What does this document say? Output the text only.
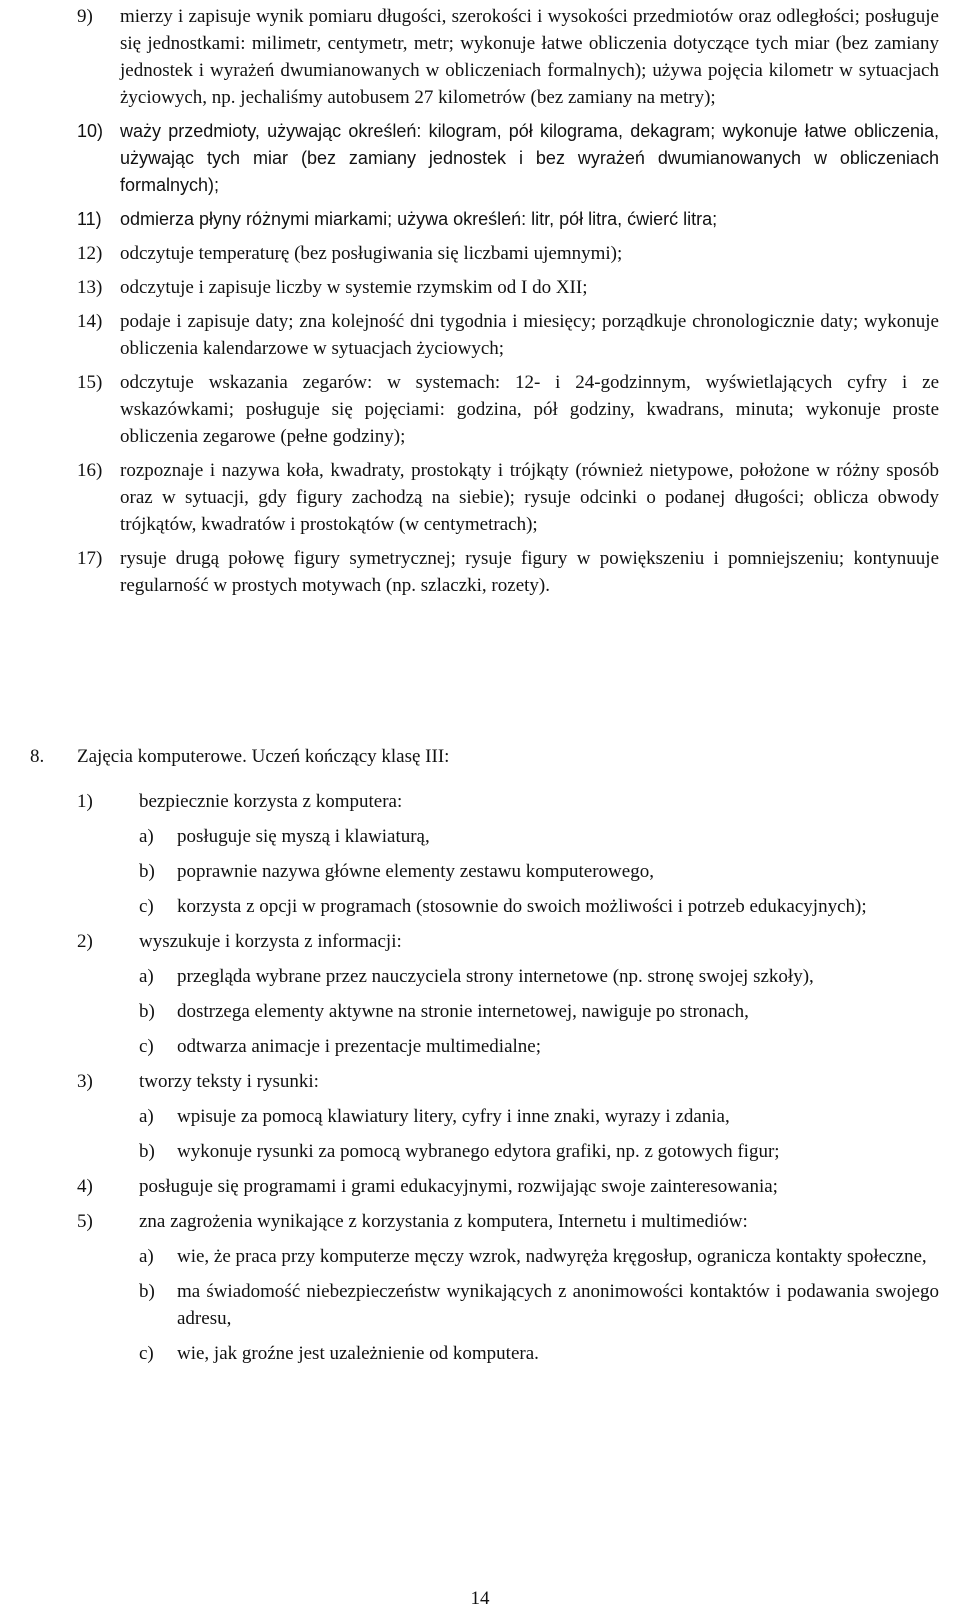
9) mierzy i zapisuje wynik pomiaru długości, szerokości i wysokości przedmiotów oraz odległości; posługuje się jednostkami: milimetr, centymetr, metr; wykonuje łatwe obliczenia dotyczące tych miar (bez zamiany jednostek i wyrażeń dwumianowanych w obliczeniach formalnych); używa pojęcia kilometr w sytuacjach życiowych, np. jechaliśmy autobusem 27 kilometrów (bez zamiany na metry);
10) waży przedmioty, używając określeń: kilogram, pół kilograma, dekagram; wykonuje łatwe obliczenia, używając tych miar (bez zamiany jednostek i bez wyrażeń dwumianowanych w obliczeniach formalnych);
11) odmierza płyny różnymi miarkami; używa określeń: litr, pół litra, ćwierć litra;
12) odczytuje temperaturę (bez posługiwania się liczbami ujemnymi);
13) odczytuje i zapisuje liczby w systemie rzymskim od I do XII;
14) podaje i zapisuje daty; zna kolejność dni tygodnia i miesięcy; porządkuje chronologicznie daty; wykonuje obliczenia kalendarzowe w sytuacjach życiowych;
15) odczytuje wskazania zegarów: w systemach: 12- i 24-godzinnym, wyświetlających cyfry i ze wskazówkami; posługuje się pojęciami: godzina, pół godziny, kwadrans, minuta; wykonuje proste obliczenia zegarowe (pełne godziny);
16) rozpoznaje i nazywa koła, kwadraty, prostokąty i trójkąty (również nietypowe, położone w różny sposób oraz w sytuacji, gdy figury zachodzą na siebie); rysuje odcinki o podanej długości; oblicza obwody trójkątów, kwadratów i prostokątów (w centymetrach);
17) rysuje drugą połowę figury symetrycznej; rysuje figury w powiększeniu i pomniejszeniu; kontynuuje regularność w prostych motywach (np. szlaczki, rozety).
8. Zajęcia komputerowe. Uczeń kończący klasę III:
1) bezpiecznie korzysta z komputera:
a) posługuje się myszą i klawiaturą,
b) poprawnie nazywa główne elementy zestawu komputerowego,
c) korzysta z opcji w programach (stosownie do swoich możliwości i potrzeb edukacyjnych);
2) wyszukuje i korzysta z informacji:
a) przegląda wybrane przez nauczyciela strony internetowe (np. stronę swojej szkoły),
b) dostrzega elementy aktywne na stronie internetowej, nawiguje po stronach,
c) odtwarza animacje i prezentacje multimedialne;
3) tworzy teksty i rysunki:
a) wpisuje za pomocą klawiatury litery, cyfry i inne znaki, wyrazy i zdania,
b) wykonuje rysunki za pomocą wybranego edytora grafiki, np. z gotowych figur;
4) posługuje się programami i grami edukacyjnymi, rozwijając swoje zainteresowania;
5) zna zagrożenia wynikające z korzystania z komputera, Internetu i multimediów:
a) wie, że praca przy komputerze męczy wzrok, nadwyręża kręgosłup, ogranicza kontakty społeczne,
b) ma świadomość niebezpieczeństw wynikających z anonimowości kontaktów i podawania swojego adresu,
c) wie, jak groźne jest uzależnienie od komputera.
14
